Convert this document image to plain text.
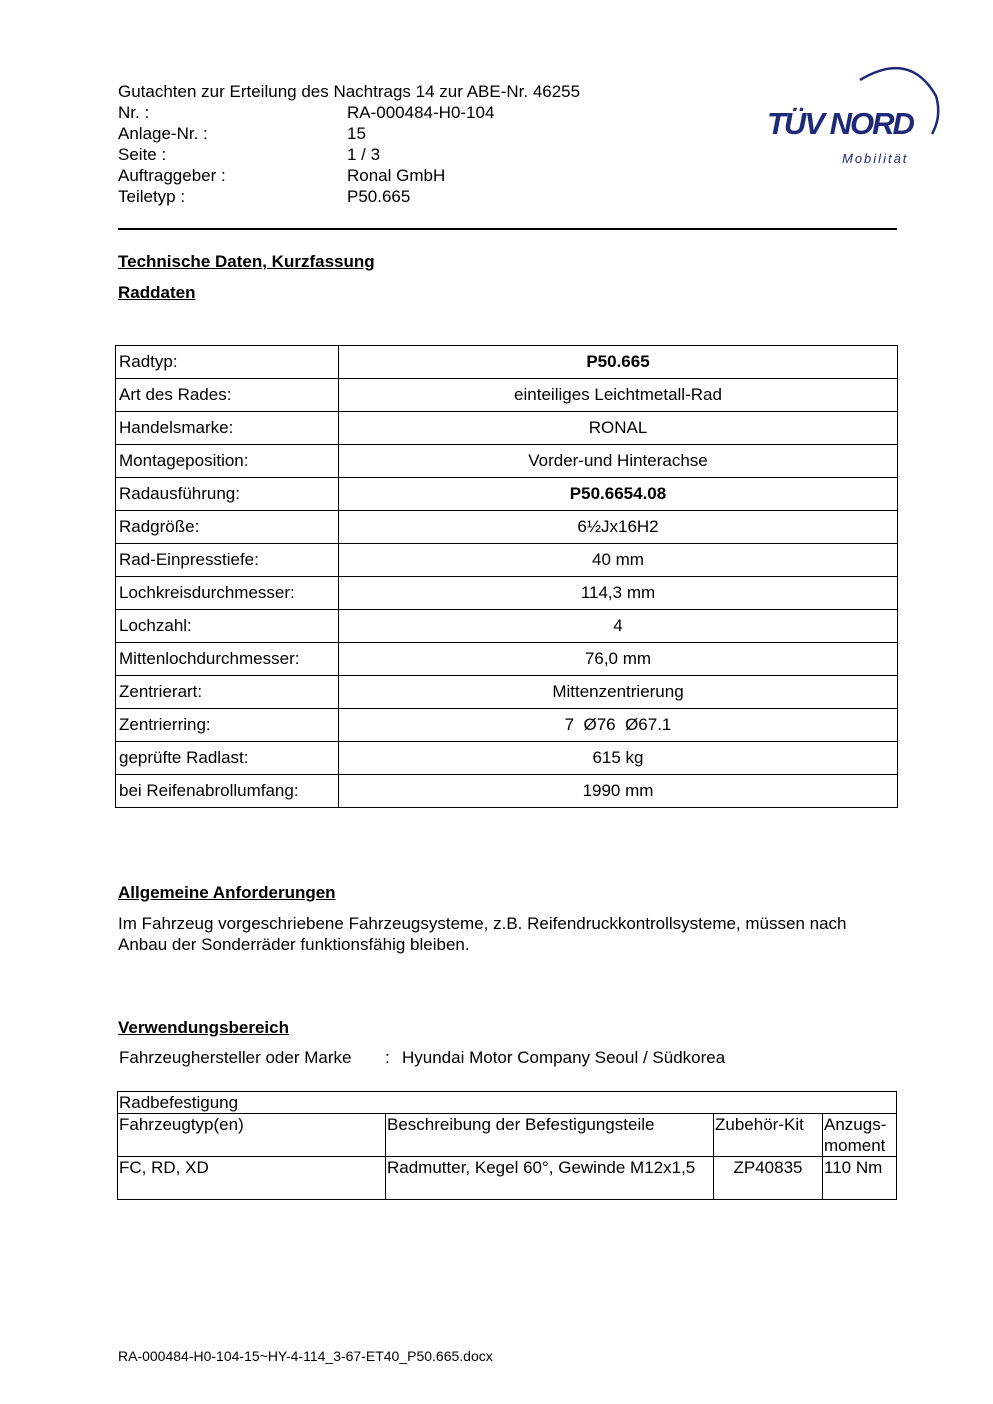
Gutachten zur Erteilung des Nachtrags 14 zur ABE-Nr. 46255
Nr. :	RA-000484-H0-104
Anlage-Nr. :	15
Seite :	1 / 3
Auftraggeber :	Ronal GmbH
Teiletyp :	P50.665
TÜV NORD
Mobilität
Technische Daten, Kurzfassung
Raddaten
Radtyp:	P50.665
Art des Rades:	einteiliges Leichtmetall-Rad
Handelsmarke:	RONAL
Montageposition:	Vorder-und Hinterachse
Radausführung:	P50.6654.08
Radgröße:	6½Jx16H2
Rad-Einpresstiefe:	40 mm
Lochkreisdurchmesser:	114,3 mm
Lochzahl:	4
Mittenlochdurchmesser:	76,0 mm
Zentrierart:	Mittenzentrierung
Zentrierring:	7  Ø76  Ø67.1
geprüfte Radlast:	615 kg
bei Reifenabrollumfang:	1990 mm
Allgemeine Anforderungen
Im Fahrzeug vorgeschriebene Fahrzeugsysteme, z.B. Reifendruckkontrollsysteme, müssen nach Anbau der Sonderräder funktionsfähig bleiben.
Verwendungsbereich
Fahrzeughersteller oder Marke : Hyundai Motor Company Seoul / Südkorea
Radbefestigung			
Fahrzeugtyp(en)	Beschreibung der Befestigungsteile	Zubehör-Kit	Anzugs-moment
FC, RD, XD	Radmutter, Kegel 60°, Gewinde M12x1,5	ZP40835	110 Nm
RA-000484-H0-104-15~HY-4-114_3-67-ET40_P50.665.docx
